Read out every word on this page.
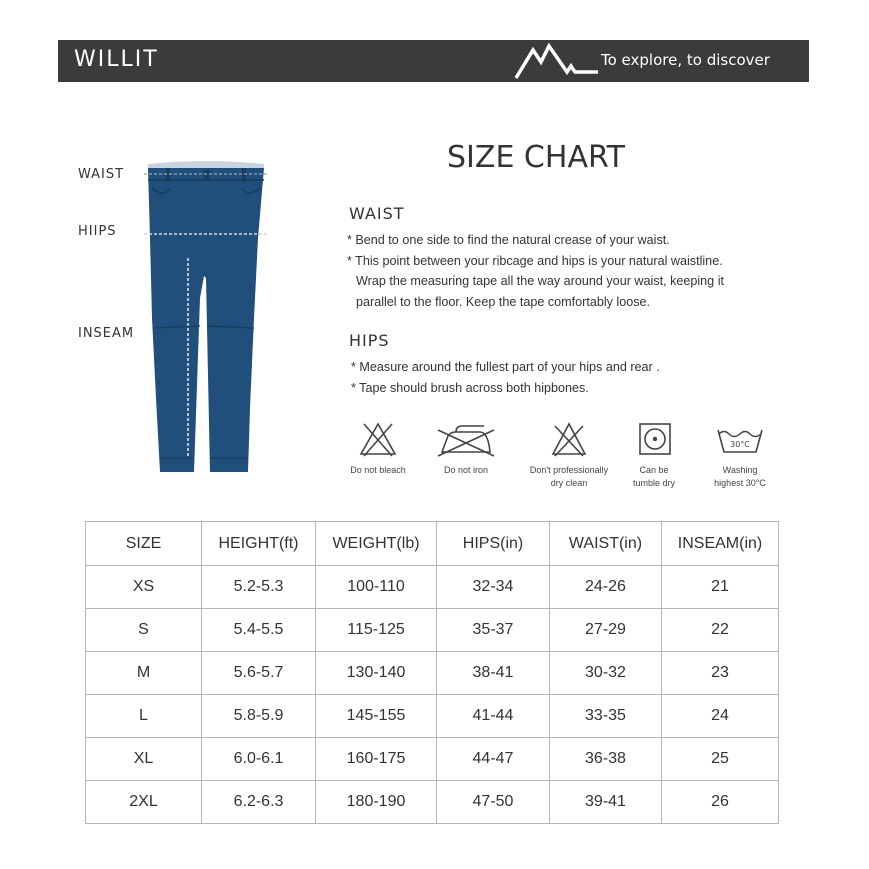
WILLIT	To explore, to discover
WAIST
HIIPS
INSEAM
SIZE CHART
WAIST
* Bend to one side to find the natural crease of your waist.
* This point between your ribcage and hips is your natural waistline.
Wrap the measuring tape all the way around your waist, keeping it
parallel to the floor. Keep the tape comfortably loose.
HIPS
* Measure around the fullest part of your hips and rear .
* Tape should brush across both hipbones.
Do not bleach	Do not iron	Don't professionally
dry clean
Can be
tumble dry
30°C
Washing
highest 30°C
SIZE	HEIGHT(ft)	WEIGHT(lb)	HIPS(in)	WAIST(in)	INSEAM(in)
XS	5.2-5.3	100-110	32-34	24-26	21
S	5.4-5.5	115-125	35-37	27-29	22
M	5.6-5.7	130-140	38-41	30-32	23
L	5.8-5.9	145-155	41-44	33-35	24
XL	6.0-6.1	160-175	44-47	36-38	25
2XL	6.2-6.3	180-190	47-50	39-41	26
